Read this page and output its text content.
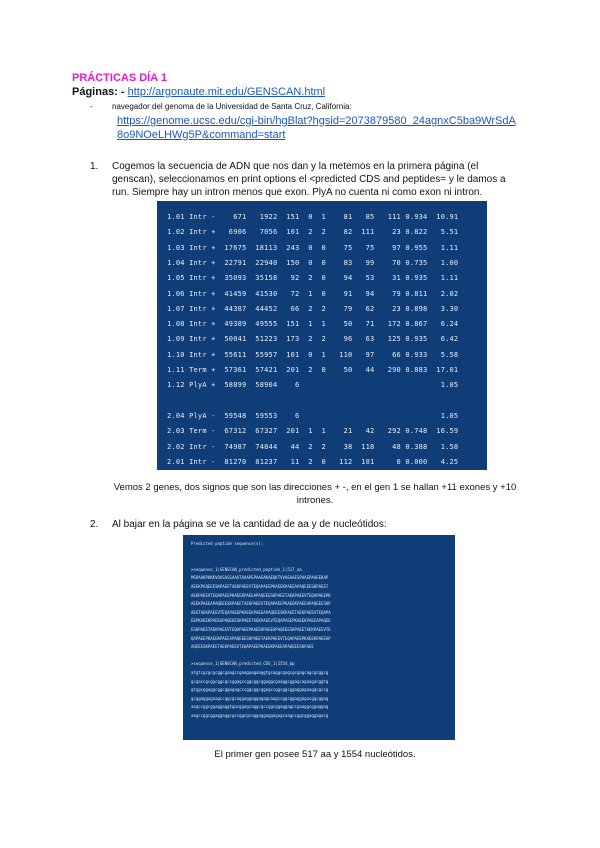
PRÁCTICAS DÍA 1
Páginas: - http://argonaute.mit.edu/GENSCAN.html
- navegador del genoma de la Universidad de Santa Cruz, California:
https://genome.ucsc.edu/cgi-bin/hgBlat?hgsid=2073879580_24agnxC5ba9WrSdA8o9NOeLHWg5P&command=start
1. Cogemos la secuencia de ADN que nos dan y la metemos en la primera página (el genscan), seleccionamos en print options el <predicted CDS and peptides= y le damos a run. Siempre hay un intron menos que exon. PlyA no cuenta ni como exon ni intron.
1.01 Intr -    671   1922  151  0  1    81   85   111 0.934  10.91
1.02 Intr +   6906   7056  101  2  2    82  111    23 0.822   5.51
1.03 Intr +  17675  18113  243  0  0    75   75    97 0.955   1.11
1.04 Intr +  22791  22940  150  0  0    83   99    70 0.735   1.00
1.05 Intr +  35093  35158   92  2  0    94   53    31 0.935   1.11
1.06 Intr +  41459  41530   72  1  0    91   94    79 0.811   2.02
1.07 Intr +  44387  44452   66  2  2    79   62    23 0.898   3.30
1.08 Intr +  49389  49555  151  1  1    50   71   172 0.867   6.24
1.09 Intr +  50041  51223  173  2  2    96   63   125 0.935   6.42
1.10 Intr +  55611  55957  101  0  1   110   97    66 0.933   5.58
1.11 Term +  57361  57421  201  2  0    50   44   290 0.883  17.01
1.12 PlyA +  58899  58904    6                                1.05
2.04 PlyA -  59548  59553    6                                1.05
2.03 Term -  67312  67327  201  1  1    21   42   292 0.748  16.59
2.02 Intr -  74987  74844   44  2  2    38  118    48 0.388   1.58
2.01 Intr -  81270  81237   11  2  0   112  101     0 0.000   4.25
Vemos 2 genes, dos signos que son las direcciones + -, en el gen 1 se hallan +11 exones y +10 intrones.
2. Al bajar en la página se ve la cantidad de aa y de nucleótidos:
Predicted peptide sequence(s):
>sequence_1|GENSCAN_predicted_peptide_1|517_aa
MSRAAKPKKKVQASASSAAATAAAPEPAAEAKAEQKTVVAEAAESPAAEPAAEEKAP
AEEKPAQEEESKPAEETAEKPAEEVTEQAPAEEPKAEEKPAEEAPAQEEESKPAEET
AEKPAEEVTEQAPAEEPKAEEKPAEEAPAQEEESKPAEETAEKPAEEVTEQAPAEEPK
AEEKPAEEAPAQEEESKPAEETAEKPAEEVTEQAPAEEPKAEEKPAEEAPAQEEESKP
AEETAEKPAEEVTEQAPAEEPKAEEKPAEEAPAQEEESKPAEETAEKPAEEVTEQAPA
EEPKAEEKPAEEAPAQEEESKPAEETAEKPAEEVTEQAPAEEPKAEEKPAEEAPAQEE
ESKPAEETAEKPAEEVTEQAPAEEPKAEEKPAEEAPAQEEESKPAEETAEKPAEEVTE
QAPAEEPKAEEKPAEEAPAQEEESKPAEETAEKPAEEVTEQAPAEEPKAEEKPAEEAP
AQEEESKPAEETAEKPAEEVTEQAPAEEPKAEEKPAEEAPAQEEESKPAEE
>sequence_1|GENSCAN_predicted_CDS_1|1554_bp
atgtcgcgcgcggcgaagccgaagaagaaggtgcaggcgagcgcgagcagcgcggcg
gcgaccgcggcggcgccggagccggcggcggaggcgaaggcggagcagaagacggtg
gtggcggaggcggcggagagcccggcggcggagccggcggcggaggagaaggcgccg
gcggaggagaagccggcgcaggaggaggagagcaagccggcggaggagacggcggag
aagccggcggaggaggtgacggagcaggcgccggcggaggagccgaaggcggaggag
aagccggcggaggaggcgccggcgcaggaggaggagagcaagccggcggaggagacg
El primer gen posee 517 aa y 1554 nucleótidos.
